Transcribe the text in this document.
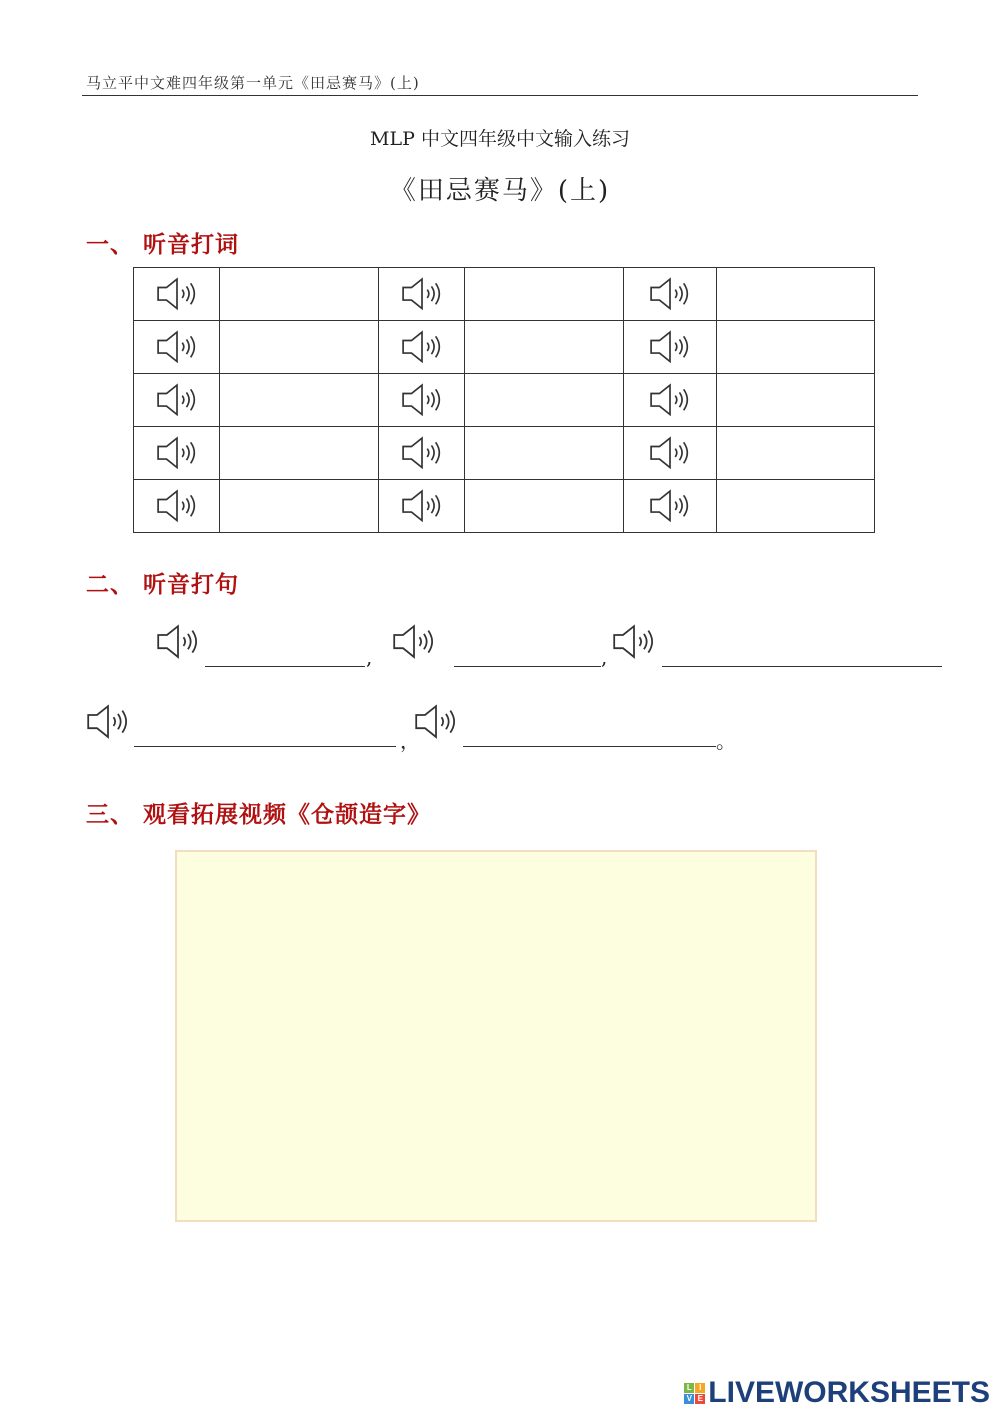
马立平中文难四年级第一单元《田忌赛马》(上)
MLP 中文四年级中文输入练习
《田忌赛马》(上)
一、 听音打词

二、 听音打句
,	,
，	。
三、 观看拓展视频《仓颉造字》
L I
V E LIVEWORKSHEETS
